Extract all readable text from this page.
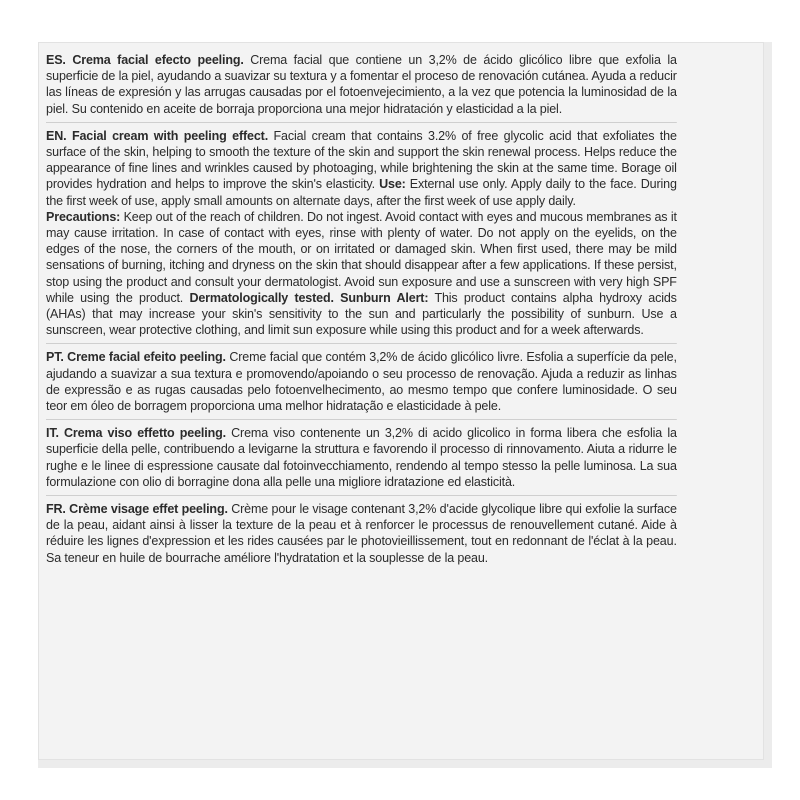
ES. Crema facial efecto peeling. Crema facial que contiene un 3,2% de ácido glicólico libre que exfolia la superficie de la piel, ayudando a suavizar su textura y a fomentar el proceso de renovación cutánea. Ayuda a reducir las líneas de expresión y las arrugas causadas por el fotoenvejecimiento, a la vez que potencia la luminosidad de la piel. Su contenido en aceite de borraja proporciona una mejor hidratación y elasticidad a la piel.

EN. Facial cream with peeling effect. Facial cream that contains 3.2% of free glycolic acid that exfoliates the surface of the skin, helping to smooth the texture of the skin and support the skin renewal process. Helps reduce the appearance of fine lines and wrinkles caused by photoaging, while brightening the skin at the same time. Borage oil provides hydration and helps to improve the skin's elasticity. Use: External use only. Apply daily to the face. During the first week of use, apply small amounts on alternate days, after the first week of use apply daily.
Precautions: Keep out of the reach of children. Do not ingest. Avoid contact with eyes and mucous membranes as it may cause irritation. In case of contact with eyes, rinse with plenty of water. Do not apply on the eyelids, on the edges of the nose, the corners of the mouth, or on irritated or damaged skin. When first used, there may be mild sensations of burning, itching and dryness on the skin that should disappear after a few applications. If these persist, stop using the product and consult your dermatologist. Avoid sun exposure and use a sunscreen with very high SPF while using the product. Dermatologically tested. Sunburn Alert: This product contains alpha hydroxy acids (AHAs) that may increase your skin's sensitivity to the sun and particularly the possibility of sunburn. Use a sunscreen, wear protective clothing, and limit sun exposure while using this product and for a week afterwards.

PT. Creme facial efeito peeling. Creme facial que contém 3,2% de ácido glicólico livre. Esfolia a superfície da pele, ajudando a suavizar a sua textura e promovendo/apoiando o seu processo de renovação. Ajuda a reduzir as linhas de expressão e as rugas causadas pelo fotoenvelhecimento, ao mesmo tempo que confere luminosidade. O seu teor em óleo de borragem proporciona uma melhor hidratação e elasticidade à pele.

IT. Crema viso effetto peeling. Crema viso contenente un 3,2% di acido glicolico in forma libera che esfolia la superficie della pelle, contribuendo a levigarne la struttura e favorendo il processo di rinnovamento. Aiuta a ridurre le rughe e le linee di espressione causate dal fotoinvecchiamento, rendendo al tempo stesso la pelle luminosa. La sua formulazione con olio di borragine dona alla pelle una migliore idratazione ed elasticità.

FR. Crème visage effet peeling. Crème pour le visage contenant 3,2% d'acide glycolique libre qui exfolie la surface de la peau, aidant ainsi à lisser la texture de la peau et à renforcer le processus de renouvellement cutané. Aide à réduire les lignes d'expression et les rides causées par le photovieillissement, tout en redonnant de l'éclat à la peau. Sa teneur en huile de bourrache améliore l'hydratation et la souplesse de la peau.
